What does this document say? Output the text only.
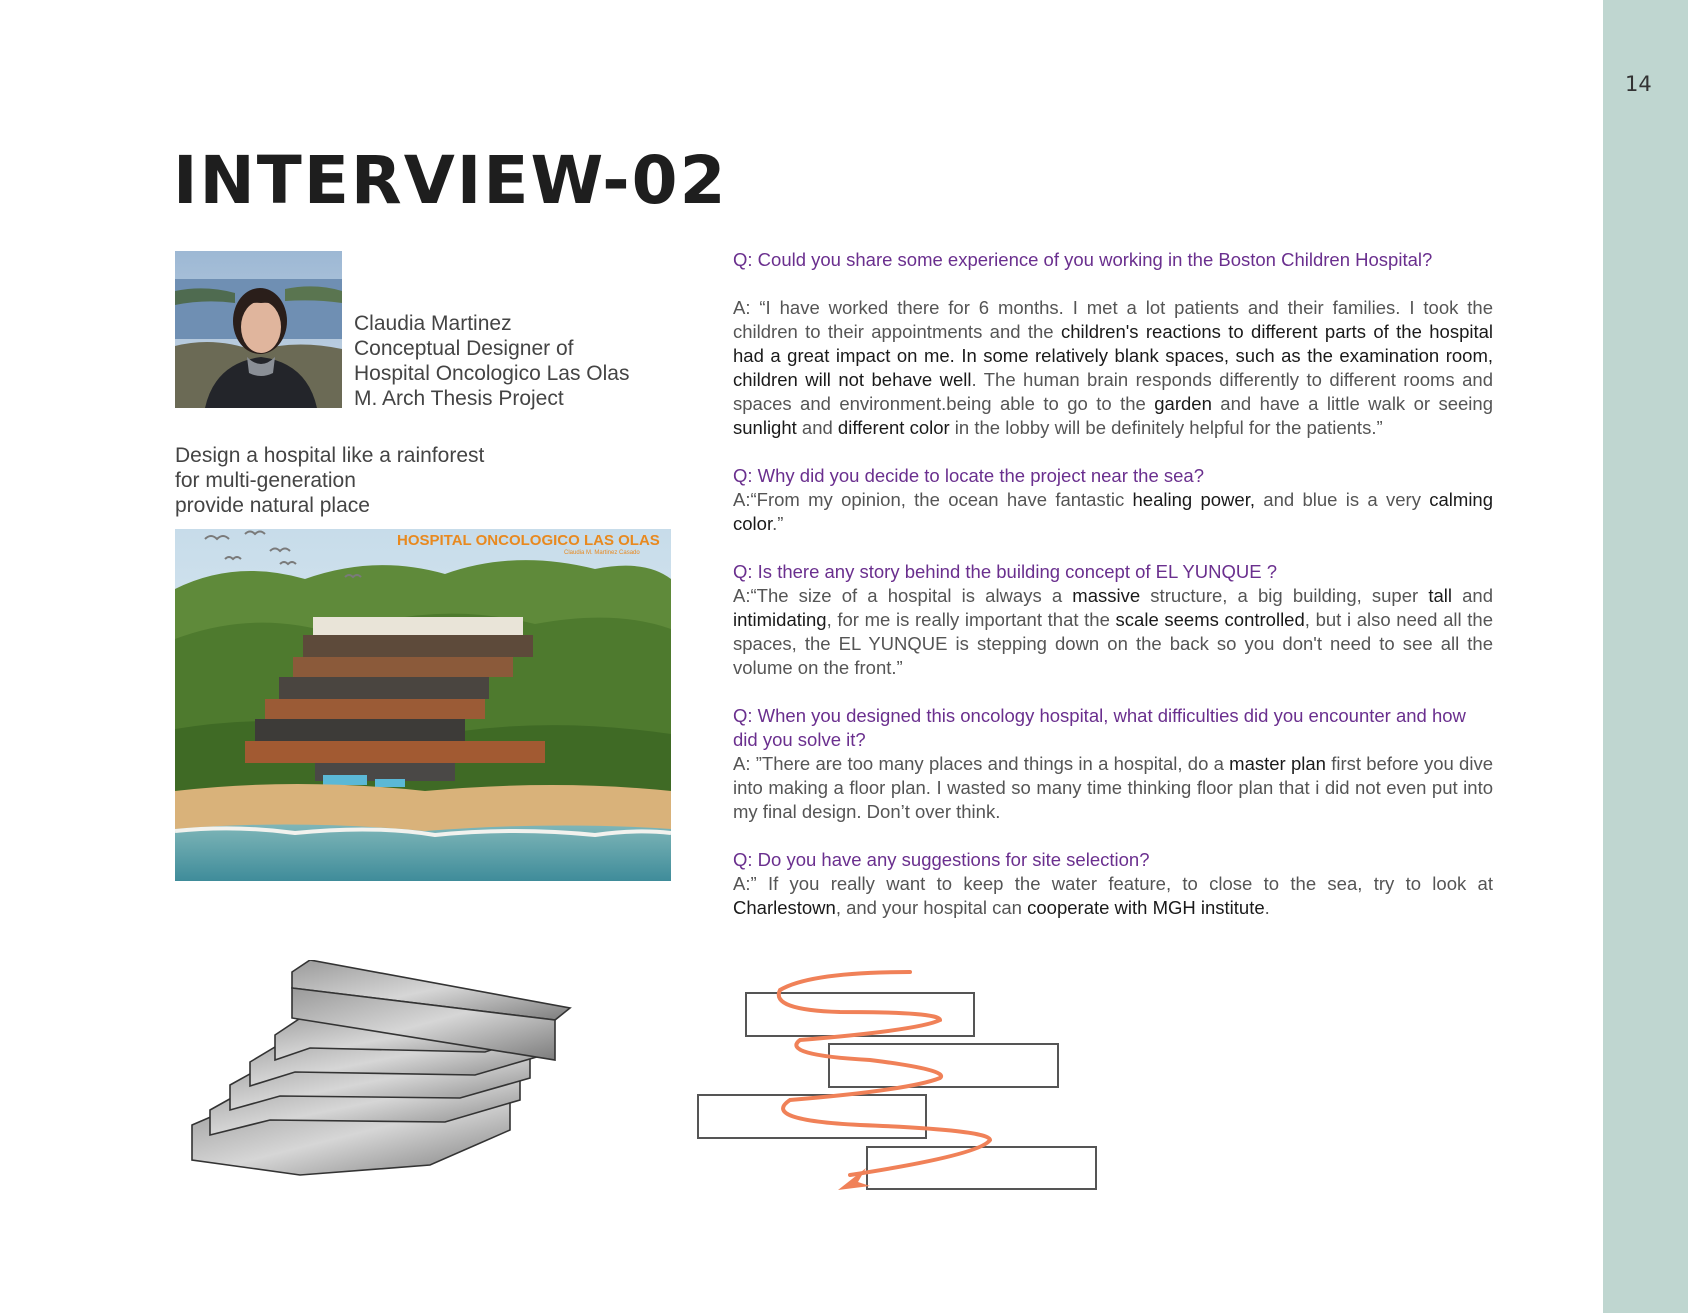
14
INTERVIEW-02
Claudia Martinez
Conceptual Designer of
Hospital Oncologico Las Olas
M. Arch Thesis Project
Design a hospital like a rainforest
for multi-generation
provide natural place
HOSPITAL ONCOLOGICO LAS OLAS
Claudia M. Martinez Casado

Q: Could you share some experience of you working in the Boston Children Hospital?

A: “I have worked there for 6 months. I met a lot patients and their families. I took the children to their appointments and the children's reactions to different parts of the hospital had a great impact on me. In some relatively blank spaces, such as the examination room, children will not behave well. The human brain responds differently to different rooms and spaces and environment.being able to go to the garden and have a little walk or seeing sunlight and different color in the lobby will be definitely helpful for the patients.”

Q: Why did you decide to locate the project near the sea?

A:“From my opinion, the ocean have fantastic healing power, and blue is a very calming color.”

Q: Is there any story behind the building concept of EL YUNQUE ?

A:“The size of a hospital is always a massive structure, a big building, super tall and intimidating, for me is really important that the scale seems controlled, but i also need all the spaces, the EL YUNQUE is stepping down on the back so you don't need to see all the volume on the front.”

Q: When you designed this oncology hospital, what difficulties did you encounter and how did you solve it?

A: ”There are too many places and things in a hospital, do a master plan first before you dive into making a floor plan. I wasted so many time thinking floor plan that i did not even put into my final design. Don’t over think.

Q: Do you have any suggestions for site selection?

A:” If you really want to keep the water feature, to close to the sea, try to look at Charlestown, and your hospital can cooperate with MGH institute.
